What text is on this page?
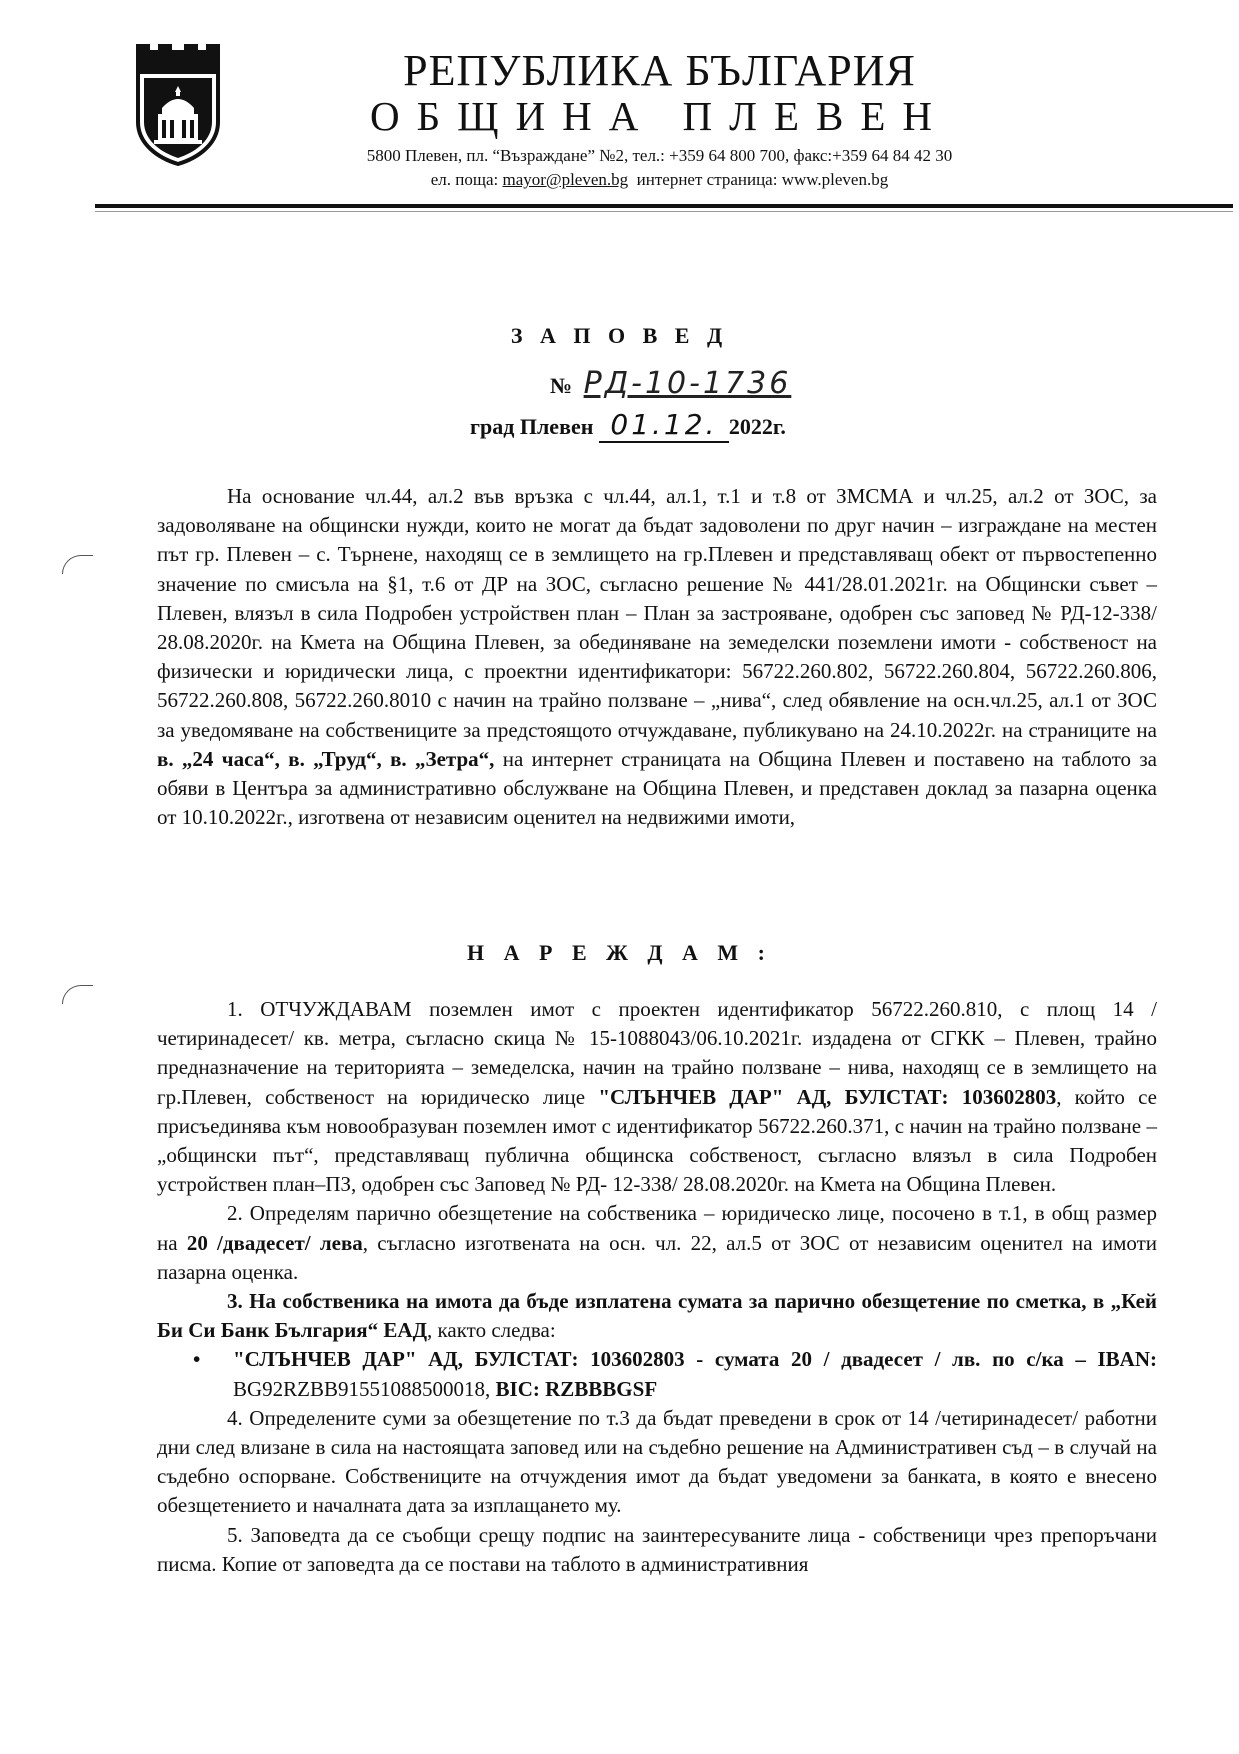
РЕПУБЛИКА БЪЛГАРИЯ
ОБЩИНА ПЛЕВЕН
5800 Плевен, пл. “Възраждане” №2, тел.: +359 64 800 700, факс:+359 64 84 42 30
ел. поща: mayor@pleven.bg интернет страница: www.pleven.bg
З А П О В Е Д
№ РД-10-1736
град Плевен 01.12. 2022г.
На основание чл.44, ал.2 във връзка с чл.44, ал.1, т.1 и т.8 от ЗМСМА и чл.25, ал.2 от ЗОС, за задоволяване на общински нужди, които не могат да бъдат задоволени по друг начин – изграждане на местен път гр. Плевен – с. Търнене, находящ се в землището на гр.Плевен и представляващ обект от първостепенно значение по смисъла на §1, т.6 от ДР на ЗОС, съгласно решение № 441/28.01.2021г. на Общински съвет – Плевен, влязъл в сила Подробен устройствен план – План за застрояване, одобрен със заповед № РД-12-338/ 28.08.2020г. на Кмета на Община Плевен, за обединяване на земеделски поземлени имоти - собственост на физически и юридически лица, с проектни идентификатори: 56722.260.802, 56722.260.804, 56722.260.806, 56722.260.808, 56722.260.8010 с начин на трайно ползване – „нива“, след обявление на осн.чл.25, ал.1 от ЗОС за уведомяване на собствениците за предстоящото отчуждаване, публикувано на 24.10.2022г. на страниците на в. „24 часа“, в. „Труд“, в. „Зетра“, на интернет страницата на Община Плевен и поставено на таблото за обяви в Центъра за административно обслужване на Община Плевен, и представен доклад за пазарна оценка от 10.10.2022г., изготвена от независим оценител на недвижими имоти,
Н А Р Е Ж Д А М :

1. ОТЧУЖДАВАМ поземлен имот с проектен идентификатор 56722.260.810, с площ 14 /четиринадесет/ кв. метра, съгласно скица № 15-1088043/06.10.2021г. издадена от СГКК – Плевен, трайно предназначение на територията – земеделска, начин на трайно ползване – нива, находящ се в землището на гр.Плевен, собственост на юридическо лице "СЛЪНЧЕВ ДАР" АД, БУЛСТАТ: 103602803, който се присъединява към новообразуван поземлен имот с идентификатор 56722.260.371, с начин на трайно ползване – „общински път“, представляващ публична общинска собственост, съгласно влязъл в сила Подробен устройствен план–ПЗ, одобрен със Заповед № РД- 12-338/ 28.08.2020г. на Кмета на Община Плевен.

2. Определям парично обезщетение на собственика – юридическо лице, посочено в т.1, в общ размер на 20 /двадесет/ лева, съгласно изготвената на осн. чл. 22, ал.5 от ЗОС от независим оценител на имоти пазарна оценка.

3. На собственика на имота да бъде изплатена сумата за парично обезщетение по сметка, в „Кей Би Си Банк България“ ЕАД, както следва:

• "СЛЪНЧЕВ ДАР" АД, БУЛСТАТ: 103602803 - сумата 20 / двадесет / лв. по с/ка – IBAN: BG92RZBB91551088500018, BIC: RZBBBGSF

4. Определените суми за обезщетение по т.3 да бъдат преведени в срок от 14 /четиринадесет/ работни дни след влизане в сила на настоящата заповед или на съдебно решение на Административен съд – в случай на съдебно оспорване. Собствениците на отчуждения имот да бъдат уведомени за банката, в която е внесено обезщетението и началната дата за изплащането му.

5. Заповедта да се съобщи срещу подпис на заинтересуваните лица - собственици чрез препоръчани писма. Копие от заповедта да се постави на таблото в административния
